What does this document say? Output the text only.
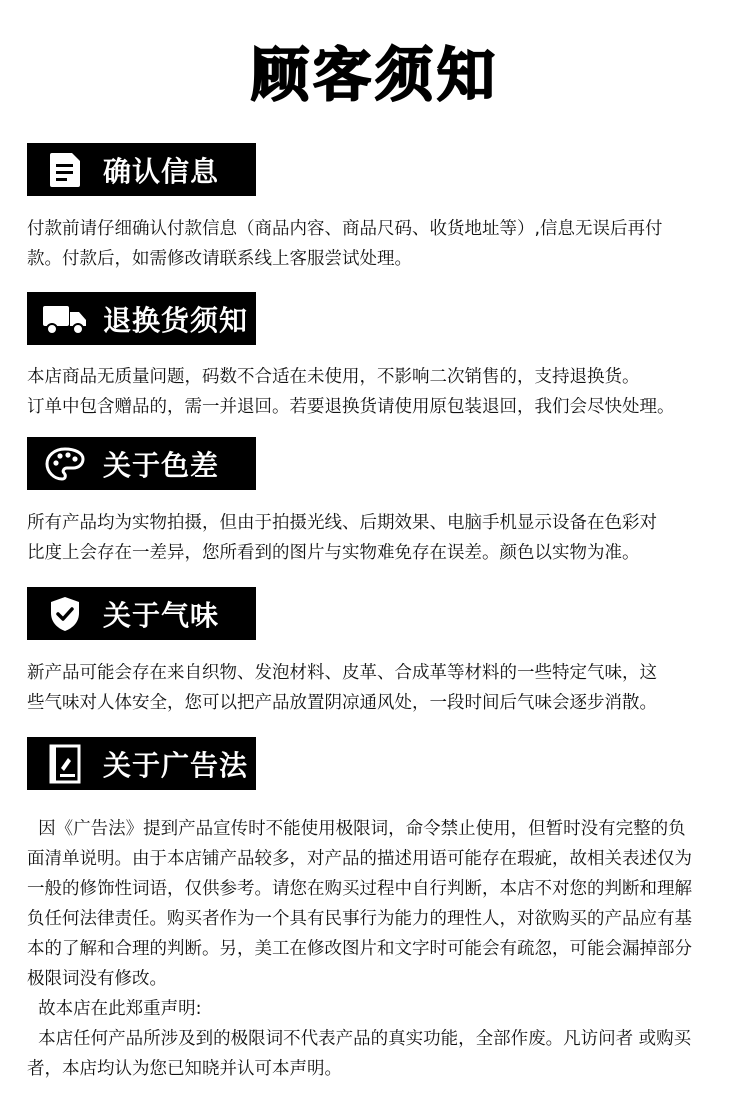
顾客须知
确认信息

付款前请仔细确认付款信息（商品内容、商品尺码、收货地址等）,信息无误后再付

款。付款后，如需修改请联系线上客服尝试处理。

退换货须知

本店商品无质量问题，码数不合适在未使用，不影响二次销售的，支持退换货。

订单中包含赠品的，需一并退回。若要退换货请使用原包装退回，我们会尽快处理。

关于色差

所有产品均为实物拍摄，但由于拍摄光线、后期效果、电脑手机显示设备在色彩对

比度上会存在一差异，您所看到的图片与实物难免存在误差。颜色以实物为准。

关于气味

新产品可能会存在来自织物、发泡材料、皮革、合成革等材料的一些特定气味，这

些气味对人体安全，您可以把产品放置阴凉通风处，一段时间后气味会逐步消散。

关于广告法

因《广告法》提到产品宣传时不能使用极限词，命令禁止使用，但暂时没有完整的负

面清单说明。由于本店铺产品较多，对产品的描述用语可能存在瑕疵，故相关表述仅为

一般的修饰性词语，仅供参考。请您在购买过程中自行判断，本店不对您的判断和理解

负任何法律责任。购买者作为一个具有民事行为能力的理性人，对欲购买的产品应有基

本的了解和合理的判断。另，美工在修改图片和文字时可能会有疏忽，可能会漏掉部分

极限词没有修改。

故本店在此郑重声明:

本店任何产品所涉及到的极限词不代表产品的真实功能，全部作废。凡访问者 或购买

者，本店均认为您已知晓并认可本声明。
